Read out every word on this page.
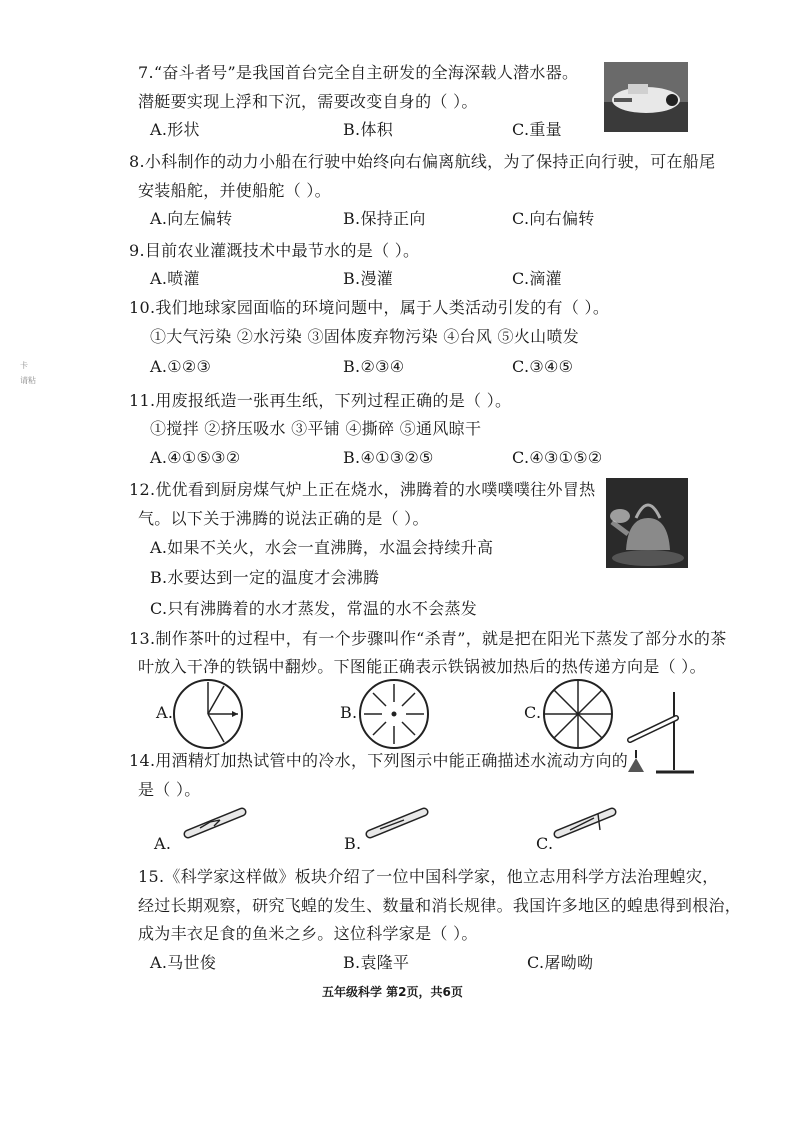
7.“奋斗者号”是我国首台完全自主研发的全海深载人潜水器。
潜艇要实现上浮和下沉，需要改变自身的（ ）。
A.形状	B.体积	C.重量
8.小科制作的动力小船在行驶中始终向右偏离航线，为了保持正向行驶，可在船尾
安装船舵，并使船舵（ ）。
A.向左偏转	B.保持正向	C.向右偏转
9.目前农业灌溉技术中最节水的是（ ）。
A.喷灌	B.漫灌	C.滴灌
10.我们地球家园面临的环境问题中，属于人类活动引发的有（ ）。
①大气污染 ②水污染 ③固体废弃物污染 ④台风 ⑤火山喷发
A.①②③	B.②③④	C.③④⑤
卡
请粘
11.用废报纸造一张再生纸，下列过程正确的是（ ）。
①搅拌 ②挤压吸水 ③平铺 ④撕碎 ⑤通风晾干
A.④①⑤③②	B.④①③②⑤	C.④③①⑤②
12.优优看到厨房煤气炉上正在烧水，沸腾着的水噗噗噗往外冒热
气。以下关于沸腾的说法正确的是（ ）。
A.如果不关火，水会一直沸腾，水温会持续升高
B.水要达到一定的温度才会沸腾
C.只有沸腾着的水才蒸发，常温的水不会蒸发
13.制作茶叶的过程中，有一个步骤叫作“杀青”，就是把在阳光下蒸发了部分水的茶
叶放入干净的铁锅中翻炒。下图能正确表示铁锅被加热后的热传递方向是（ ）。
A.	B.	C.
14.用酒精灯加热试管中的冷水，下列图示中能正确描述水流动方向的
是（ ）。
A.	B.	C.
15.《科学家这样做》板块介绍了一位中国科学家，他立志用科学方法治理蝗灾，
经过长期观察，研究飞蝗的发生、数量和消长规律。我国许多地区的蝗患得到根治，
成为丰衣足食的鱼米之乡。这位科学家是（ ）。
A.马世俊	B.袁隆平	C.屠呦呦
五年级科学 第2页，共6页
